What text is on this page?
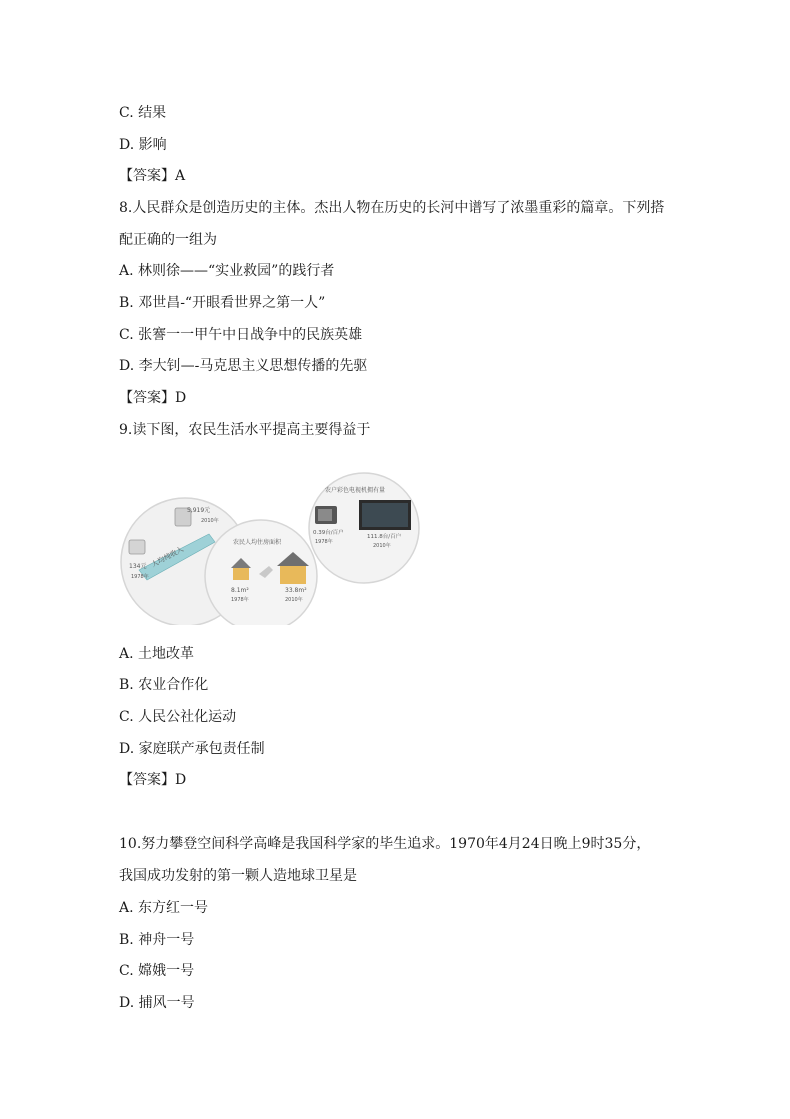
C. 结果
D. 影响
【答案】A
8.人民群众是创造历史的主体。杰出人物在历史的长河中谱写了浓墨重彩的篇章。下列搭
配正确的一组为
A. 林则徐——“实业救园”的践行者
B. 邓世昌-“开眼看世界之第一人”
C. 张謇一一甲午中日战争中的民族英雄
D. 李大钊—-马克思主义思想传播的先驱
【答案】D
9.读下图，农民生活水平提高主要得益于
人均纯收入
5,919元
2010年
134元
1978年
农民人均住房面积
8.1m²
1978年
33.8m²
2010年
农户彩色电视机拥有量
0.39台/百户
1978年
111.8台/百户
2010年
A. 土地改革
B. 农业合作化
C. 人民公社化运动
D. 家庭联产承包责任制
【答案】D
10.努力攀登空间科学高峰是我国科学家的毕生追求。1970年4月24日晚上9时35分，
我国成功发射的第一颗人造地球卫星是
A. 东方红一号
B. 神舟一号
C. 嫦娥一号
D. 捕风一号
